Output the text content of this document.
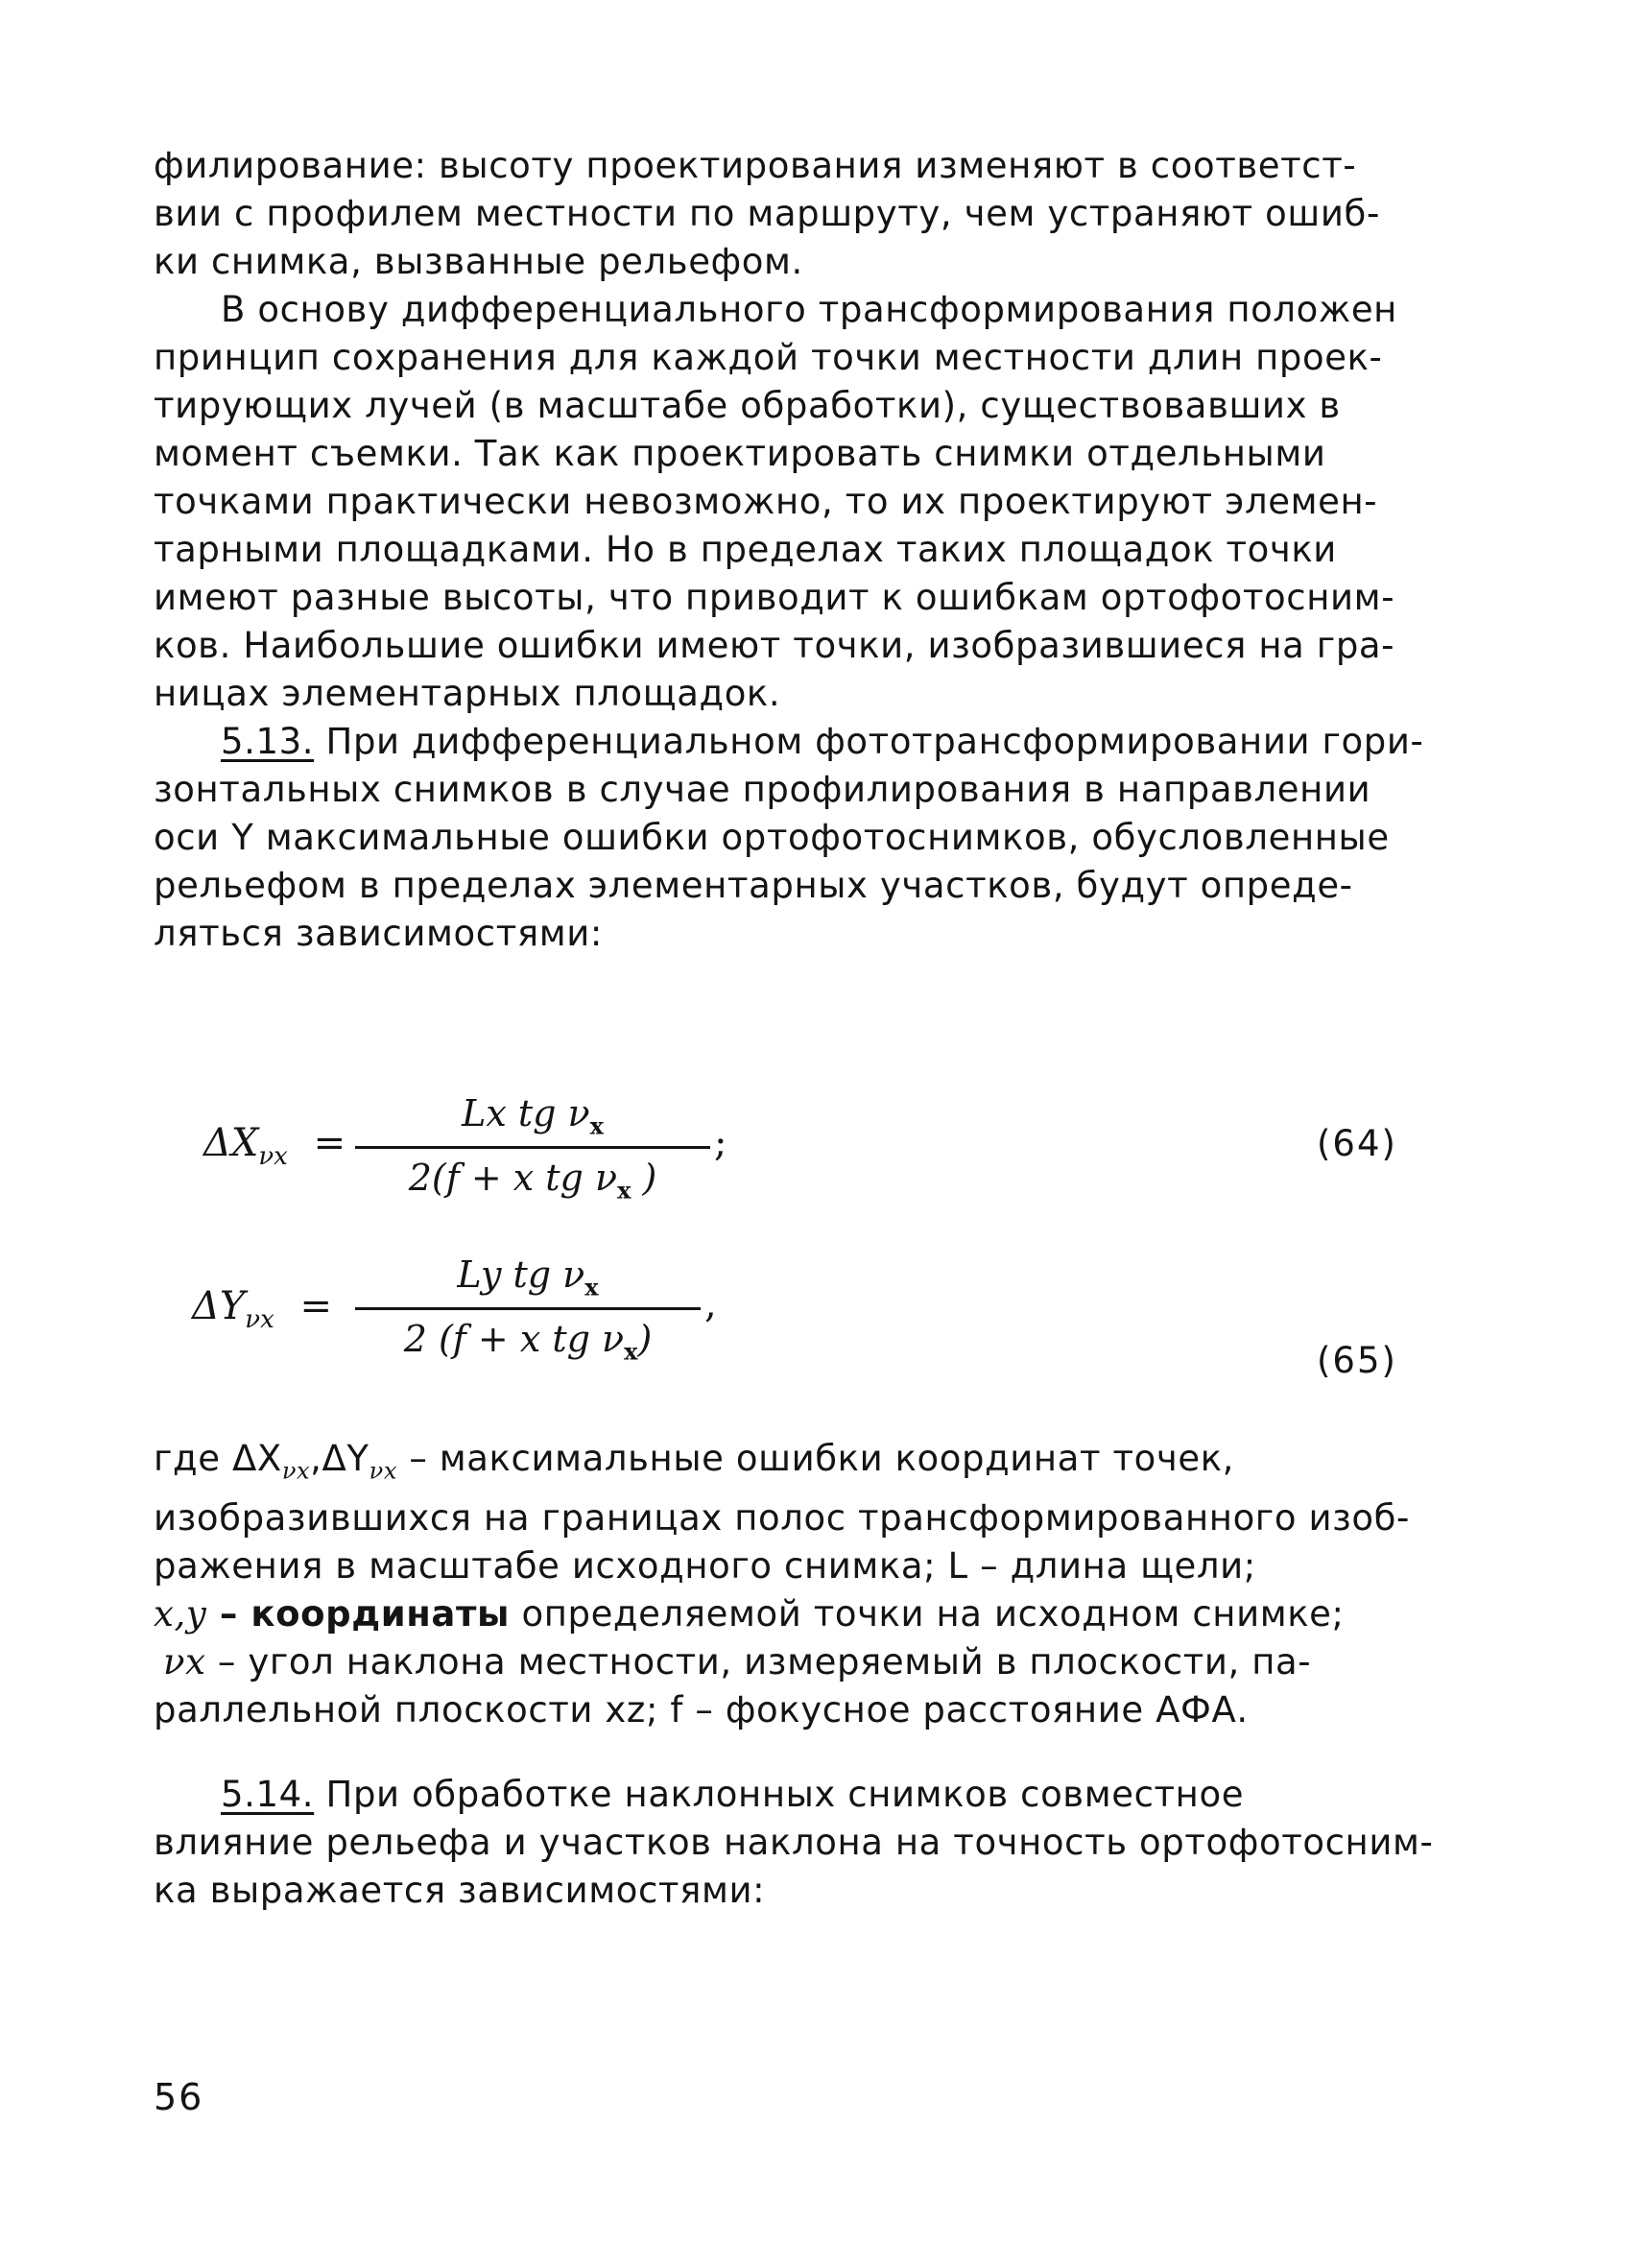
филирование: высоту проектирования изменяют в соответст-
вии с профилем местности по маршруту, чем устраняют ошиб-
ки снимка, вызванные рельефом.
В основу дифференциального трансформирования положен
принцип сохранения для каждой точки местности длин проек-
тирующих лучей (в масштабе обработки), существовавших в
момент съемки. Так как проектировать снимки отдельными
точками практически невозможно, то их проектируют элемен-
тарными площадками. Но в пределах таких площадок точки
имеют разные высоты, что приводит к ошибкам ортофотосним-
ков. Наибольшие ошибки имеют точки, изобразившиеся на гра-
ницах элементарных площадок.
5.13. При дифференциальном фототрансформировании гори-
зонтальных снимков в случае профилирования в направлении
оси Y максимальные ошибки ортофотоснимков, обусловленные
рельефом в пределах элементарных участков, будут опреде-
ляться зависимостями:
$\Delta X_{\nu x}$ =
Lx tg $\nu_x$
2(f + x tg $\nu_x$ )
;	(64)
$\Delta Y_{\nu x}$ =
Ly tg $\nu_x$
2 (f + x tg $\nu_x$)
,
(65)
где $\Delta X_{\nu x},\Delta Y_{\nu x}$ – максимальные ошибки координат точек,
изобразившихся на границах полос трансформированного изоб-
ражения в масштабе исходного снимка; L – длина щели;
x,y – координаты определяемой точки на исходном снимке;
νx – угол наклона местности, измеряемый в плоскости, па-
раллельной плоскости xz; f – фокусное расстояние АФА.
5.14. При обработке наклонных снимков совместное
влияние рельефа и участков наклона на точность ортофотосним-
ка выражается зависимостями:
56
